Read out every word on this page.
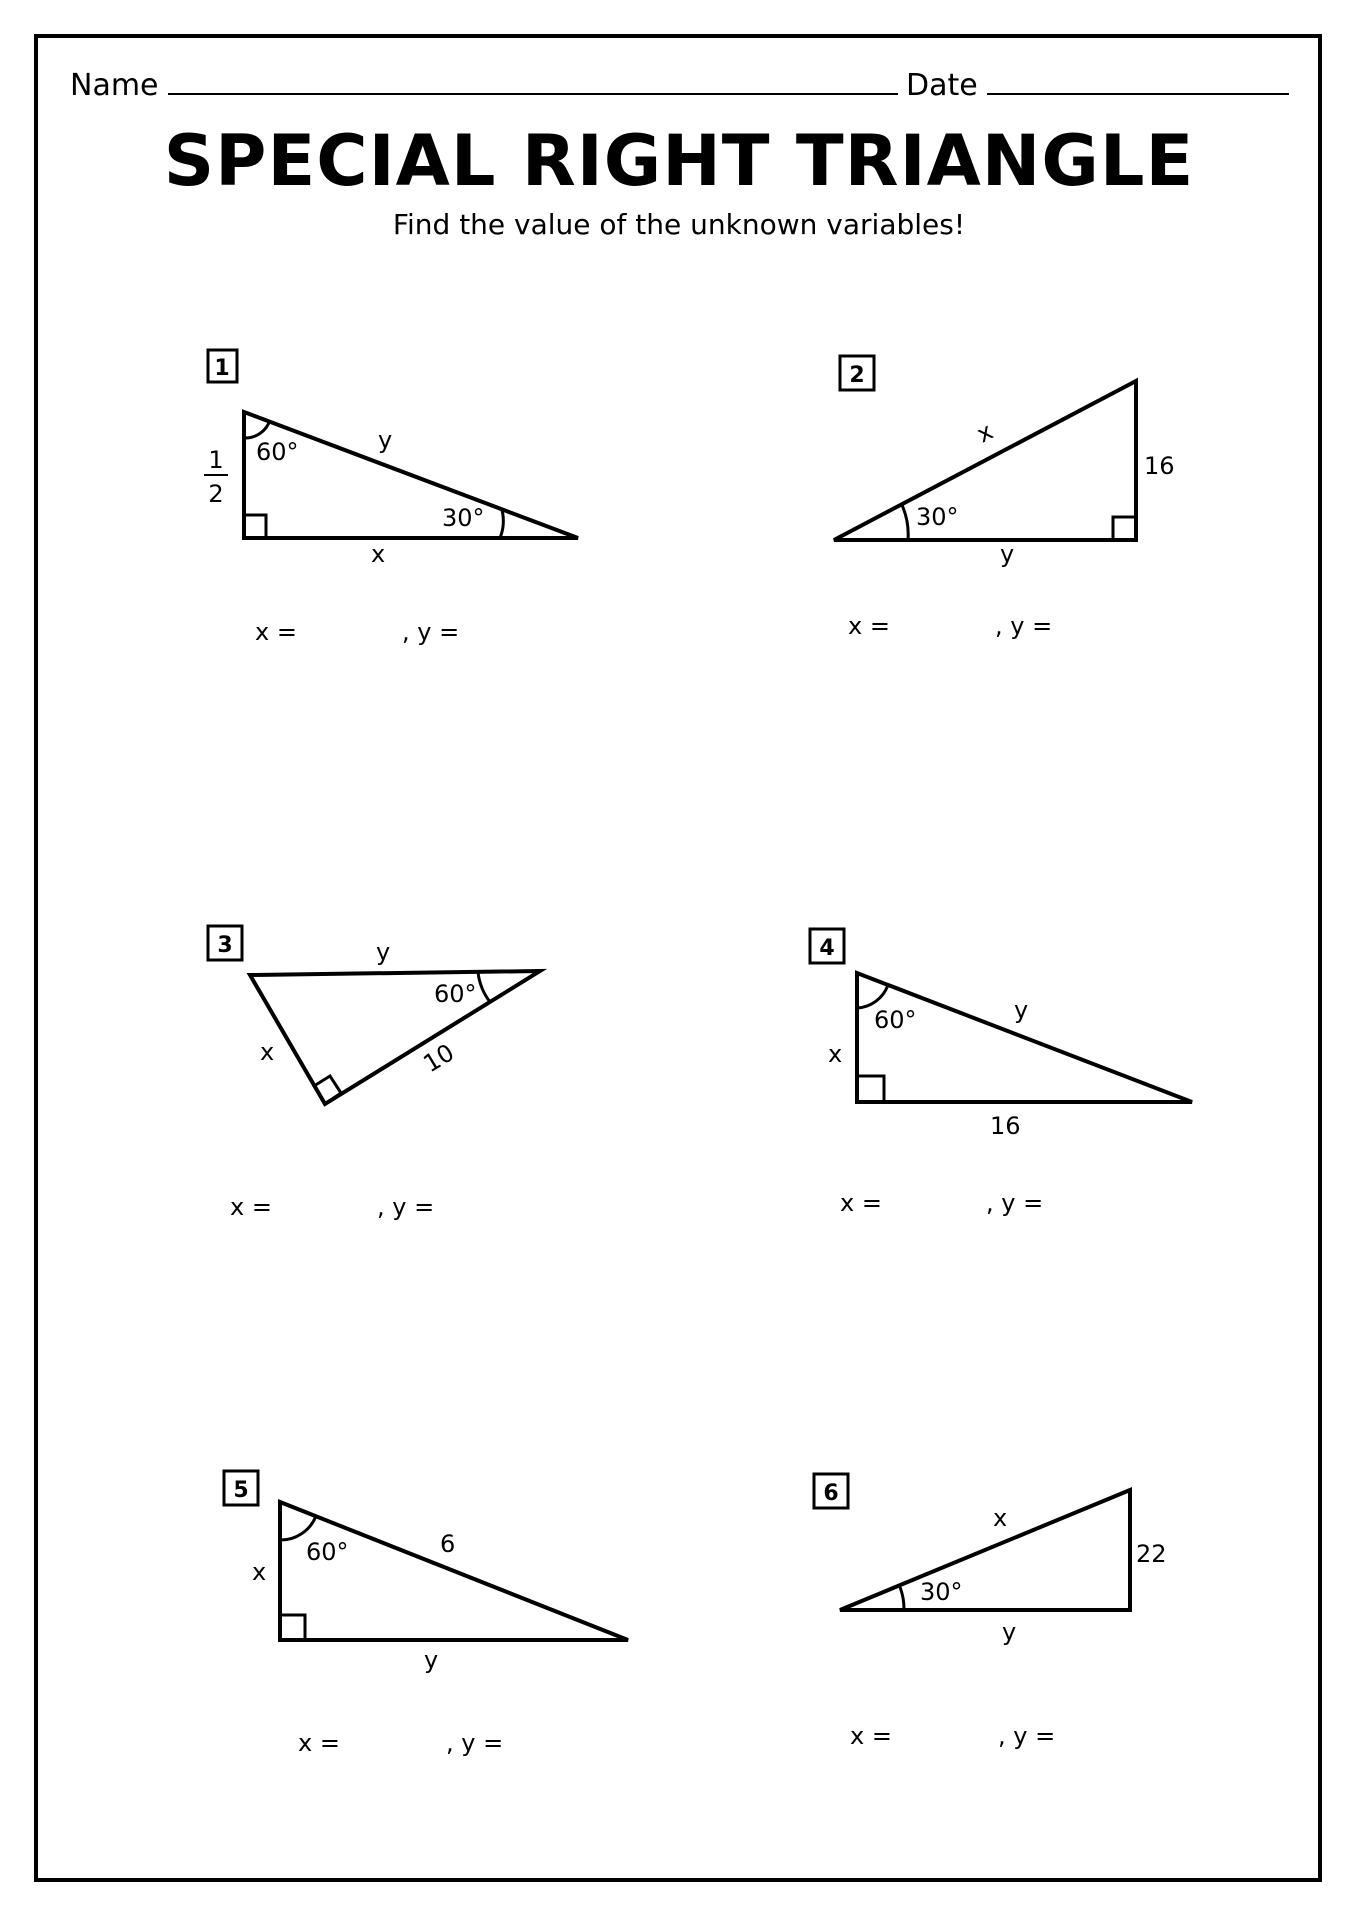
Name	Date
SPECIAL RIGHT TRIANGLE
Find the value of the unknown variables!
1
1
2
60°	y
30°
x
x =	, y =
2
x
16
30°
y
x =	, y =
3	y
60°
x	10
x =	, y =
4
60°	y
x
16
x =	, y =
5
60°	6
x
y
x =	, y =
6
x
22
30°
y
x =	, y =
